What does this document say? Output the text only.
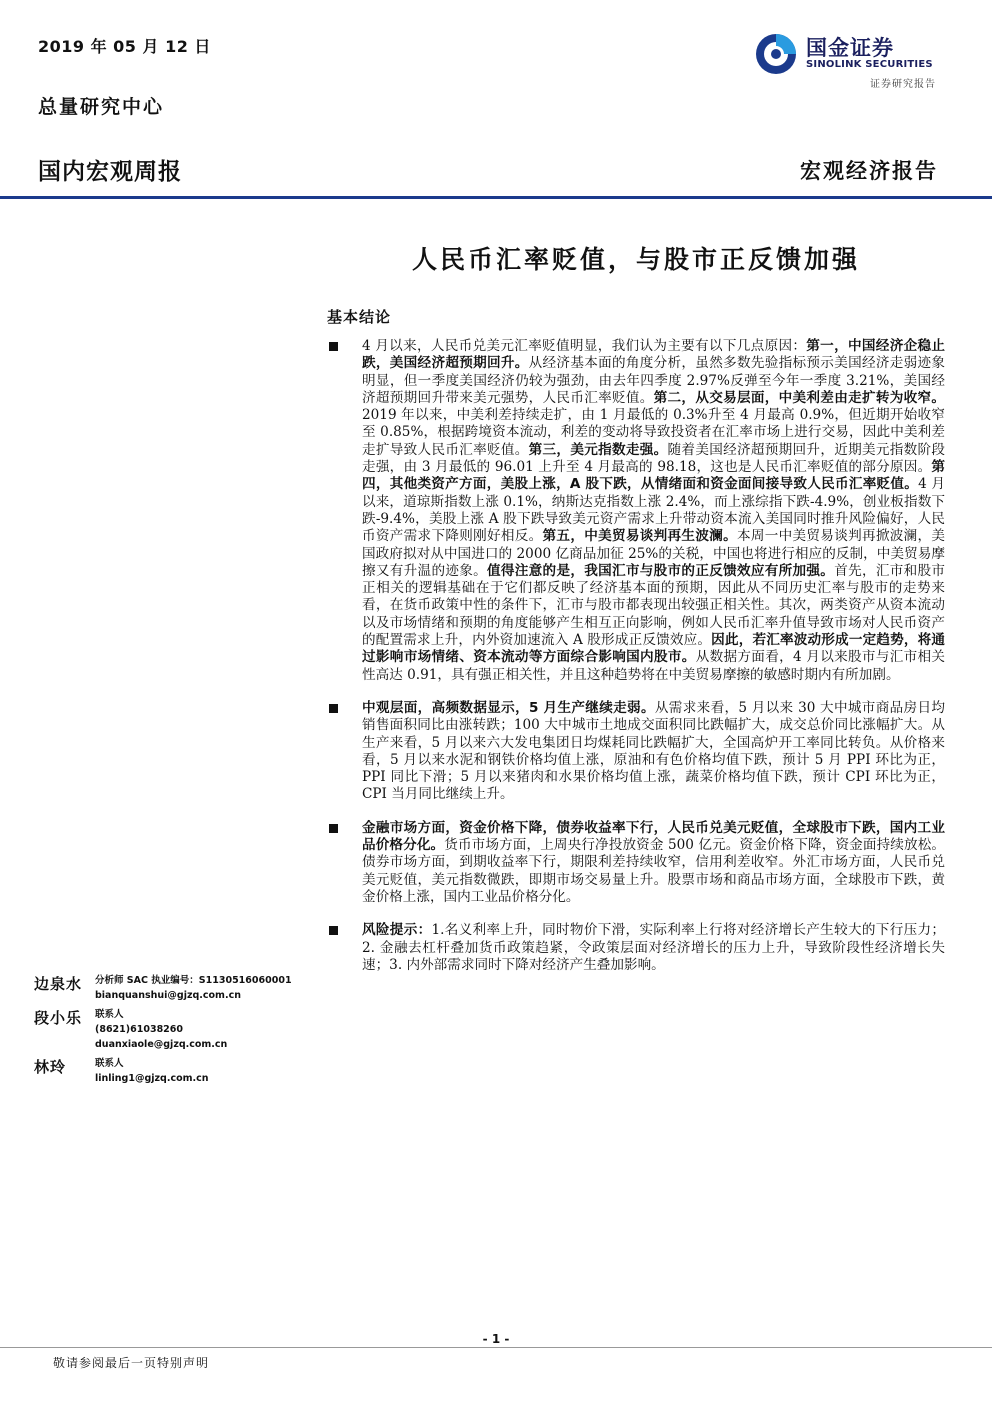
2019 年 05 月 12 日
总量研究中心
国金证券
SINOLINK SECURITIES
证券研究报告
国内宏观周报	宏观经济报告
人民币汇率贬值，与股市正反馈加强
基本结论
4 月以来，人民币兑美元汇率贬值明显，我们认为主要有以下几点原因：第一，中国经济企稳止跌，美国经济超预期回升。从经济基本面的角度分析，虽然多数先验指标预示美国经济走弱迹象明显，但一季度美国经济仍较为强劲，由去年四季度 2.97%反弹至今年一季度 3.21%，美国经济超预期回升带来美元强势，人民币汇率贬值。第二，从交易层面，中美利差由走扩转为收窄。2019 年以来，中美利差持续走扩，由 1 月最低的 0.3%升至 4 月最高 0.9%，但近期开始收窄至 0.85%，根据跨境资本流动，利差的变动将导致投资者在汇率市场上进行交易，因此中美利差走扩导致人民币汇率贬值。第三，美元指数走强。随着美国经济超预期回升，近期美元指数阶段走强，由 3 月最低的 96.01 上升至 4 月最高的 98.18，这也是人民币汇率贬值的部分原因。第四，其他类资产方面，美股上涨，A 股下跌，从情绪面和资金面间接导致人民币汇率贬值。4 月以来，道琼斯指数上涨 0.1%，纳斯达克指数上涨 2.4%，而上涨综指下跌-4.9%，创业板指数下跌-9.4%，美股上涨 A 股下跌导致美元资产需求上升带动资本流入美国同时推升风险偏好，人民币资产需求下降则刚好相反。第五，中美贸易谈判再生波澜。本周一中美贸易谈判再掀波澜，美国政府拟对从中国进口的 2000 亿商品加征 25%的关税，中国也将进行相应的反制，中美贸易摩擦又有升温的迹象。值得注意的是，我国汇市与股市的正反馈效应有所加强。首先，汇市和股市正相关的逻辑基础在于它们都反映了经济基本面的预期，因此从不同历史汇率与股市的走势来看，在货币政策中性的条件下，汇市与股市都表现出较强正相关性。其次，两类资产从资本流动以及市场情绪和预期的角度能够产生相互正向影响，例如人民币汇率升值导致市场对人民币资产的配置需求上升，内外资加速流入 A 股形成正反馈效应。因此，若汇率波动形成一定趋势，将通过影响市场情绪、资本流动等方面综合影响国内股市。从数据方面看，4 月以来股市与汇市相关性高达 0.91，具有强正相关性，并且这种趋势将在中美贸易摩擦的敏感时期内有所加剧。
中观层面，高频数据显示，5 月生产继续走弱。从需求来看，5 月以来 30 大中城市商品房日均销售面积同比由涨转跌；100 大中城市土地成交面积同比跌幅扩大，成交总价同比涨幅扩大。从生产来看，5 月以来六大发电集团日均煤耗同比跌幅扩大，全国高炉开工率同比转负。从价格来看，5 月以来水泥和钢铁价格均值上涨，原油和有色价格均值下跌，预计 5 月 PPI 环比为正，PPI 同比下滑；5 月以来猪肉和水果价格均值上涨，蔬菜价格均值下跌，预计 CPI 环比为正，CPI 当月同比继续上升。
金融市场方面，资金价格下降，债券收益率下行，人民币兑美元贬值，全球股市下跌，国内工业品价格分化。货币市场方面，上周央行净投放资金 500 亿元。资金价格下降，资金面持续放松。债券市场方面，到期收益率下行，期限利差持续收窄，信用利差收窄。外汇市场方面，人民币兑美元贬值，美元指数微跌，即期市场交易量上升。股票市场和商品市场方面，全球股市下跌，黄金价格上涨，国内工业品价格分化。
风险提示：1.名义利率上升，同时物价下滑，实际利率上行将对经济增长产生较大的下行压力；2. 金融去杠杆叠加货币政策趋紧，令政策层面对经济增长的压力上升，导致阶段性经济增长失速；3. 内外部需求同时下降对经济产生叠加影响。
边泉水 分析师 SAC 执业编号：S1130516060001
bianquanshui@gjzq.com.cn
段小乐 联系人
(8621)61038260
duanxiaole@gjzq.com.cn
林玲	联系人
linling1@gjzq.com.cn
- 1 -
敬请参阅最后一页特别声明
